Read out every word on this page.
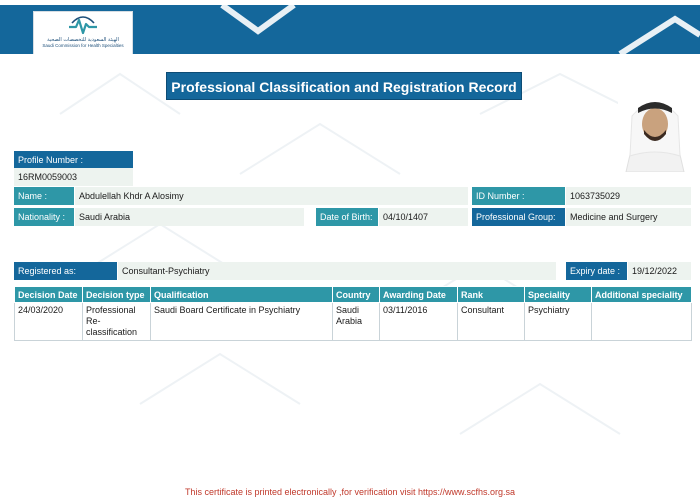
الهيئة السعودية للتخصصات الصحية
Saudi Commission for Health Specialties
Professional Classification and Registration Record
Profile Number :
16RM0059003
Name :	Abdulellah Khdr A Alosimy	ID Number :	1063735029
Nationality :	Saudi Arabia	Date of Birth:	04/10/1407	Professional Group:	Medicine and Surgery
Registered as:	Consultant-Psychiatry	Expiry date :	19/12/2022
Decision Date	Decision type	Qualification	Country	Awarding Date	Rank	Speciality	Additional speciality
24/03/2020	Professional Re-classification	Saudi Board Certificate in Psychiatry	Saudi Arabia	03/11/2016	Consultant	Psychiatry	
This certificate is printed electronically ,for verification visit https://www.scfhs.org.sa
